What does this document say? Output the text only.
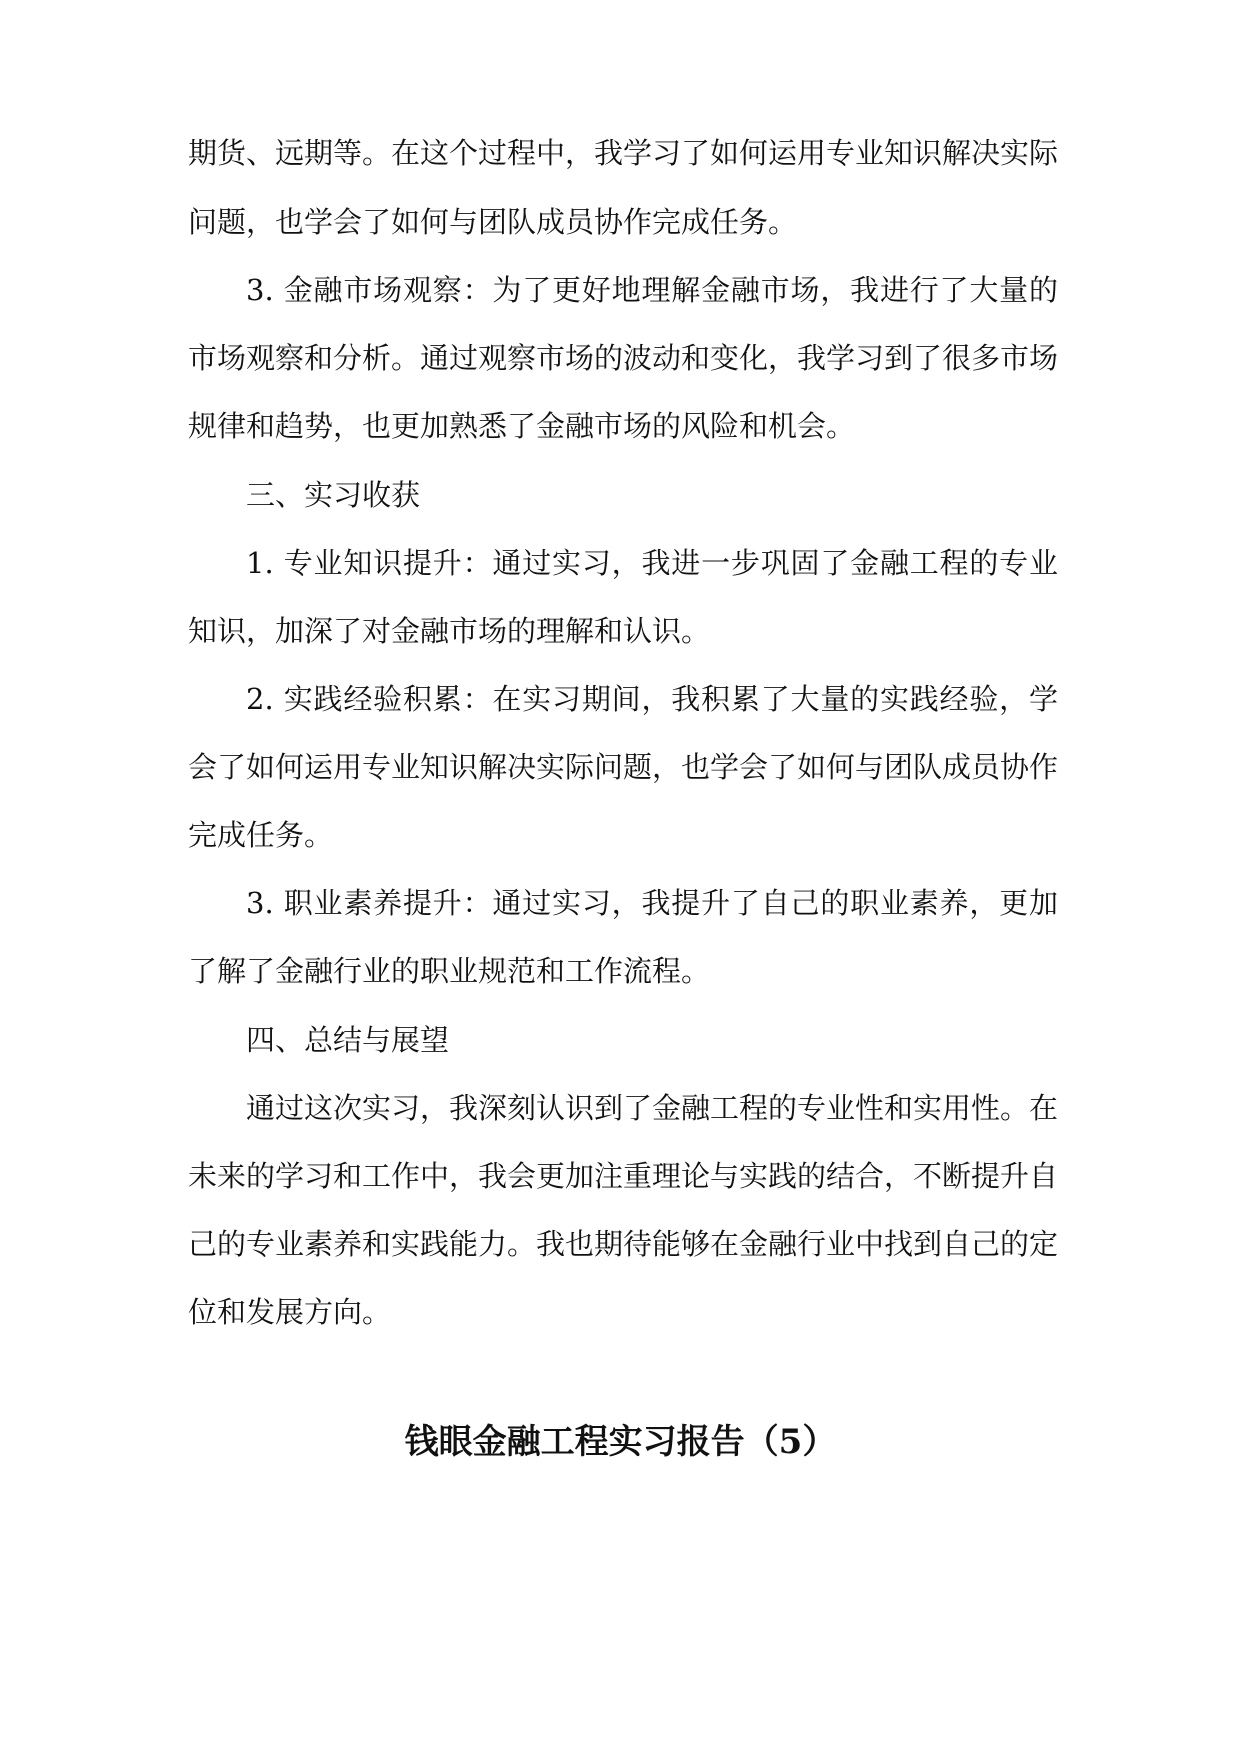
期货、远期等。在这个过程中，我学习了如何运用专业知识解决实际
问题，也学会了如何与团队成员协作完成任务。
3. 金融市场观察：为了更好地理解金融市场，我进行了大量的
市场观察和分析。通过观察市场的波动和变化，我学习到了很多市场
规律和趋势，也更加熟悉了金融市场的风险和机会。
三、实习收获
1. 专业知识提升：通过实习，我进一步巩固了金融工程的专业
知识，加深了对金融市场的理解和认识。
2. 实践经验积累：在实习期间，我积累了大量的实践经验，学
会了如何运用专业知识解决实际问题，也学会了如何与团队成员协作
完成任务。
3. 职业素养提升：通过实习，我提升了自己的职业素养，更加
了解了金融行业的职业规范和工作流程。
四、总结与展望
通过这次实习，我深刻认识到了金融工程的专业性和实用性。在
未来的学习和工作中，我会更加注重理论与实践的结合，不断提升自
己的专业素养和实践能力。我也期待能够在金融行业中找到自己的定
位和发展方向。
钱眼金融工程实习报告（5）
